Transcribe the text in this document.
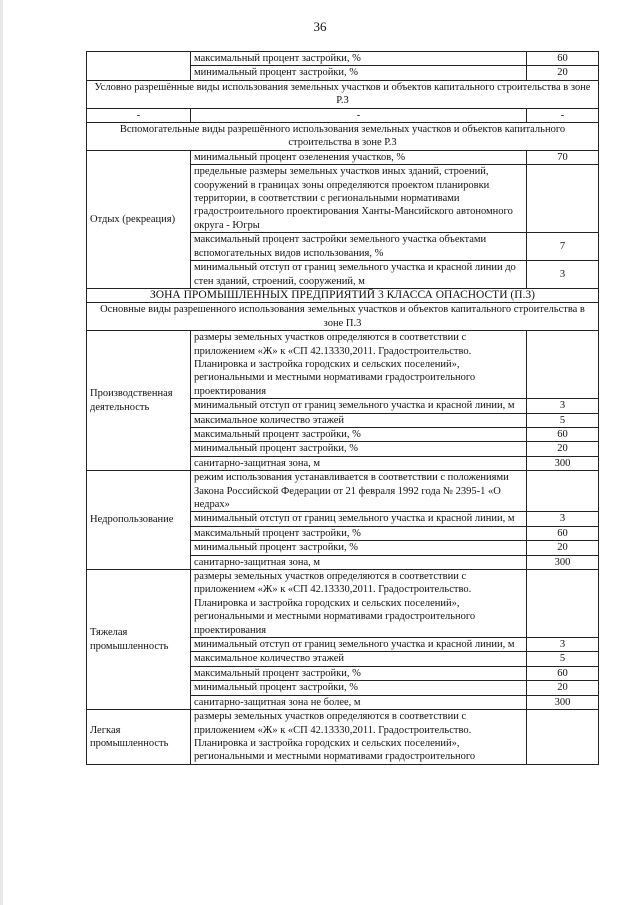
36
	максимальный процент застройки, %	60
	минимальный процент застройки, %	20
Условно разрешённые виды использования земельных участков и объектов капитального строительства в зоне Р.3		
-	-	-
Вспомогательные виды разрешённого использования земельных участков и объектов капитального строительства в зоне Р.3		
Отдых (рекреация)	минимальный процент озеленения участков, %	70
	предельные размеры земельных участков иных зданий, строений, сооружений в границах зоны определяются проектом планировки территории, в соответствии с региональными нормативами градостроительного проектирования Ханты-Мансийского автономного округа - Югры	
	максимальный процент застройки земельного участка объектами вспомогательных видов использования, %	7
	минимальный отступ от границ земельного участка и красной линии до стен зданий, строений, сооружений, м	3
ЗОНА ПРОМЫШЛЕННЫХ ПРЕДПРИЯТИЙ 3 КЛАССА ОПАСНОСТИ (П.3)		
Основные виды разрешенного использования земельных участков и объектов капитального строительства в зоне П.3		
Производственная деятельность	размеры земельных участков определяются в соответствии с приложением «Ж» к «СП 42.13330,2011. Градостроительство. Планировка и застройка городских и сельских поселений», региональными и местными нормативами градостроительного проектирования	
	минимальный отступ от границ земельного участка и красной линии, м	3
	максимальное количество этажей	5
	максимальный процент застройки, %	60
	минимальный процент застройки, %	20
	санитарно-защитная зона, м	300
Недропользование	режим использования устанавливается в соответствии с положениями Закона Российской Федерации от 21 февраля 1992 года № 2395-1 «О недрах»	
	минимальный отступ от границ земельного участка и красной линии, м	3
	максимальный процент застройки, %	60
	минимальный процент застройки, %	20
	санитарно-защитная зона, м	300
Тяжелая промышленность	размеры земельных участков определяются в соответствии с приложением «Ж» к «СП 42.13330,2011. Градостроительство. Планировка и застройка городских и сельских поселений», региональными и местными нормативами градостроительного проектирования	
	минимальный отступ от границ земельного участка и красной линии, м	3
	максимальное количество этажей	5
	максимальный процент застройки, %	60
	минимальный процент застройки, %	20
	санитарно-защитная зона не более, м	300
Легкая промышленность	размеры земельных участков определяются в соответствии с приложением «Ж» к «СП 42.13330,2011. Градостроительство. Планировка и застройка городских и сельских поселений», региональными и местными нормативами градостроительного	
